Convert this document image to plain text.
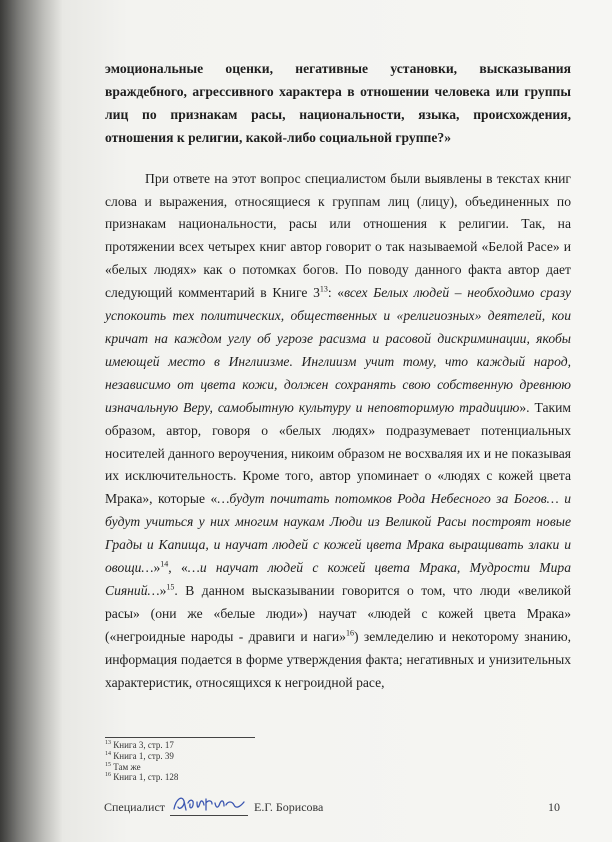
эмоциональные оценки, негативные установки, высказывания враждебного, агрессивного характера в отношении человека или группы лиц по признакам расы, национальности, языка, происхождения, отношения к религии, какой-либо социальной группе?»

При ответе на этот вопрос специалистом были выявлены в текстах книг слова и выражения, относящиеся к группам лиц (лицу), объединенных по признакам национальности, расы или отношения к религии. Так, на протяжении всех четырех книг автор говорит о так называемой «Белой Расе» и «белых людях» как о потомках богов. По поводу данного факта автор дает следующий комментарий в Книге $3^{13}$: «всех Белых людей – необходимо сразу успокоить тех политических, общественных и «религиозных» деятелей, кои кричат на каждом углу об угрозе расизма и расовой дискриминации, якобы имеющей место в Инглиизме. Инглиизм учит тому, что каждый народ, независимо от цвета кожи, должен сохранять свою собственную древнюю изначальную Веру, самобытную культуру и неповторимую традицию». Таким образом, автор, говоря о «белых людях» подразумевает потенциальных носителей данного вероучения, никоим образом не восхваляя их и не показывая их исключительность. Кроме того, автор упоминает о «людях с кожей цвета Мрака», которые «…будут почитать потомков Рода Небесного за Богов… и будут учиться у них многим наукам Люди из Великой Расы построят новые Грады и Капища, и научат людей с кожей цвета Мрака выращивать злаки и овощи…»$^{14}$, «…и научат людей с кожей цвета Мрака, Мудрости Мира Сияний…»$^{15}$. В данном высказывании говорится о том, что люди «великой расы» (они же «белые люди») научат «людей с кожей цвета Мрака» («негроидные народы - дравиги и наги»$^{16}$) земледелию и некоторому знанию, информация подается в форме утверждения факта; негативных и унизительных характеристик, относящихся к негроидной расе,

$^{13}$ Книга 3, стр. 17
$^{14}$ Книга 1, стр. 39
$^{15}$ Там же
$^{16}$ Книга 1, стр. 128
Специалист	Е.Г. Борисова	10
